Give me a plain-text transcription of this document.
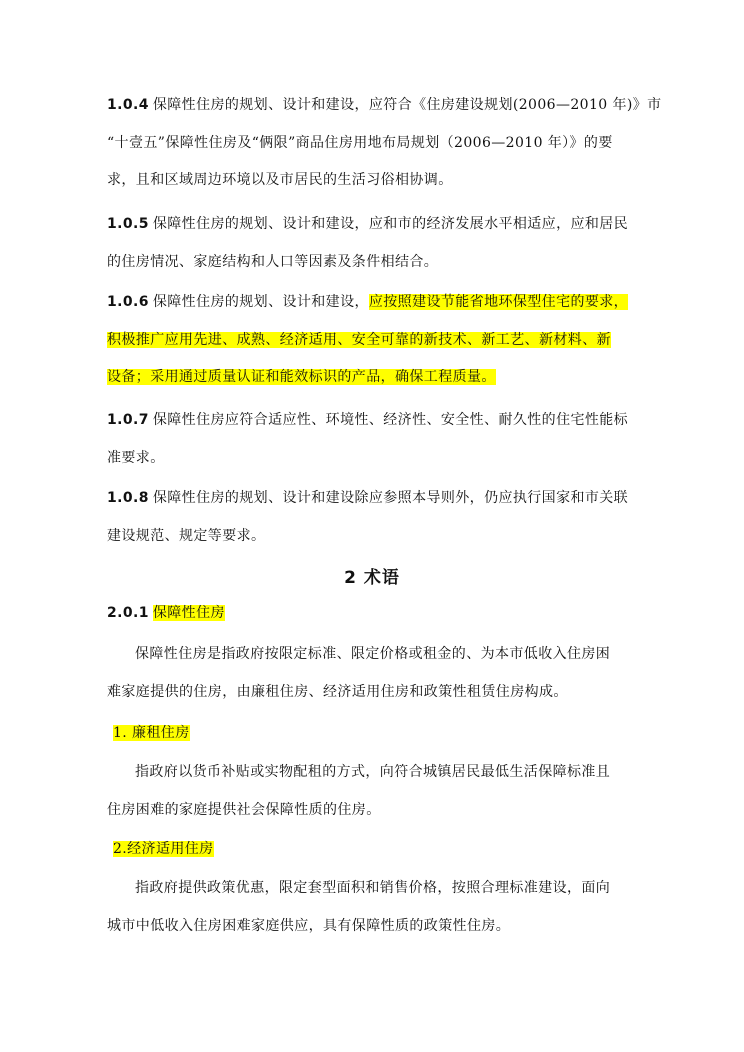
1.0.4 保障性住房的规划、设计和建设，应符合《住房建设规划(2006—2010 年)》市
“十壹五”保障性住房及“俩限”商品住房用地布局规划（2006—2010 年）》的要
求，且和区域周边环境以及市居民的生活习俗相协调。
1.0.5 保障性住房的规划、设计和建设，应和市的经济发展水平相适应，应和居民
的住房情况、家庭结构和人口等因素及条件相结合。
1.0.6 保障性住房的规划、设计和建设，应按照建设节能省地环保型住宅的要求，
积极推广应用先进、成熟、经济适用、安全可靠的新技术、新工艺、新材料、新
设备；采用通过质量认证和能效标识的产品，确保工程质量。
1.0.7 保障性住房应符合适应性、环境性、经济性、安全性、耐久性的住宅性能标
准要求。
1.0.8 保障性住房的规划、设计和建设除应参照本导则外，仍应执行国家和市关联
建设规范、规定等要求。
2 术语
2.0.1 保障性住房
保障性住房是指政府按限定标准、限定价格或租金的、为本市低收入住房困
难家庭提供的住房，由廉租住房、经济适用住房和政策性租赁住房构成。
1. 廉租住房
指政府以货币补贴或实物配租的方式，向符合城镇居民最低生活保障标准且
住房困难的家庭提供社会保障性质的住房。
2.经济适用住房
指政府提供政策优惠，限定套型面积和销售价格，按照合理标准建设，面向
城市中低收入住房困难家庭供应，具有保障性质的政策性住房。
